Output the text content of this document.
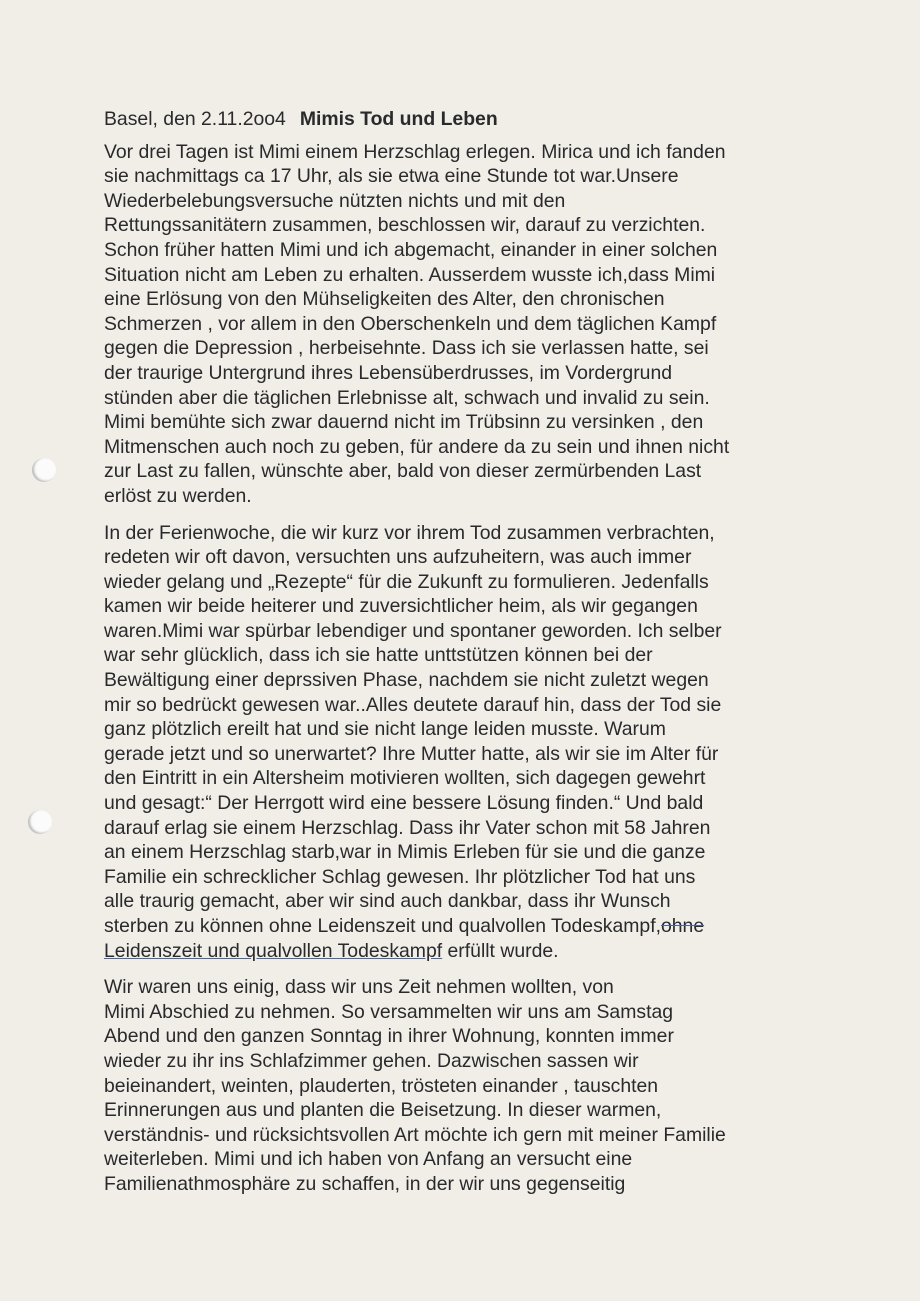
Basel, den 2.11.2oo4 Mimis Tod und Leben
Vor drei Tagen ist Mimi einem Herzschlag erlegen. Mirica und ich fanden
sie nachmittags ca 17 Uhr, als sie etwa eine Stunde tot war.Unsere
Wiederbelebungsversuche nützten nichts und mit den
Rettungssanitätern zusammen, beschlossen wir, darauf zu verzichten.
Schon früher hatten Mimi und ich abgemacht, einander in einer solchen
Situation nicht am Leben zu erhalten. Ausserdem wusste ich,dass Mimi
eine Erlösung von den Mühseligkeiten des Alter, den chronischen
Schmerzen , vor allem in den Oberschenkeln und dem täglichen Kampf
gegen die Depression , herbeisehnte. Dass ich sie verlassen hatte, sei
der traurige Untergrund ihres Lebensüberdrusses, im Vordergrund
stünden aber die täglichen Erlebnisse alt, schwach und invalid zu sein.
Mimi bemühte sich zwar dauernd nicht im Trübsinn zu versinken , den
Mitmenschen auch noch zu geben, für andere da zu sein und ihnen nicht
zur Last zu fallen, wünschte aber, bald von dieser zermürbenden Last
erlöst zu werden.
In der Ferienwoche, die wir kurz vor ihrem Tod zusammen verbrachten,
redeten wir oft davon, versuchten uns aufzuheitern, was auch immer
wieder gelang und „Rezepte“ für die Zukunft zu formulieren. Jedenfalls
kamen wir beide heiterer und zuversichtlicher heim, als wir gegangen
waren.Mimi war spürbar lebendiger und spontaner geworden. Ich selber
war sehr glücklich, dass ich sie hatte unttstützen können bei der
Bewältigung einer deprssiven Phase, nachdem sie nicht zuletzt wegen
mir so bedrückt gewesen war..Alles deutete darauf hin, dass der Tod sie
ganz plötzlich ereilt hat und sie nicht lange leiden musste. Warum
gerade jetzt und so unerwartet? Ihre Mutter hatte, als wir sie im Alter für
den Eintritt in ein Altersheim motivieren wollten, sich dagegen gewehrt
und gesagt:“ Der Herrgott wird eine bessere Lösung finden.“ Und bald
darauf erlag sie einem Herzschlag. Dass ihr Vater schon mit 58 Jahren
an einem Herzschlag starb,war in Mimis Erleben für sie und die ganze
Familie ein schrecklicher Schlag gewesen. Ihr plötzlicher Tod hat uns
alle traurig gemacht, aber wir sind auch dankbar, dass ihr Wunsch
sterben zu können ohne Leidenszeit und qualvollen Todeskampf,ohne
Leidenszeit und qualvollen Todeskampf erfüllt wurde.
Wir waren uns einig, dass wir uns Zeit nehmen wollten, von
Mimi Abschied zu nehmen. So versammelten wir uns am Samstag
Abend und den ganzen Sonntag in ihrer Wohnung, konnten immer
wieder zu ihr ins Schlafzimmer gehen. Dazwischen sassen wir
beieinandert, weinten, plauderten, trösteten einander , tauschten
Erinnerungen aus und planten die Beisetzung. In dieser warmen,
verständnis- und rücksichtsvollen Art möchte ich gern mit meiner Familie
weiterleben. Mimi und ich haben von Anfang an versucht eine
Familienathmosphäre zu schaffen, in der wir uns gegenseitig
